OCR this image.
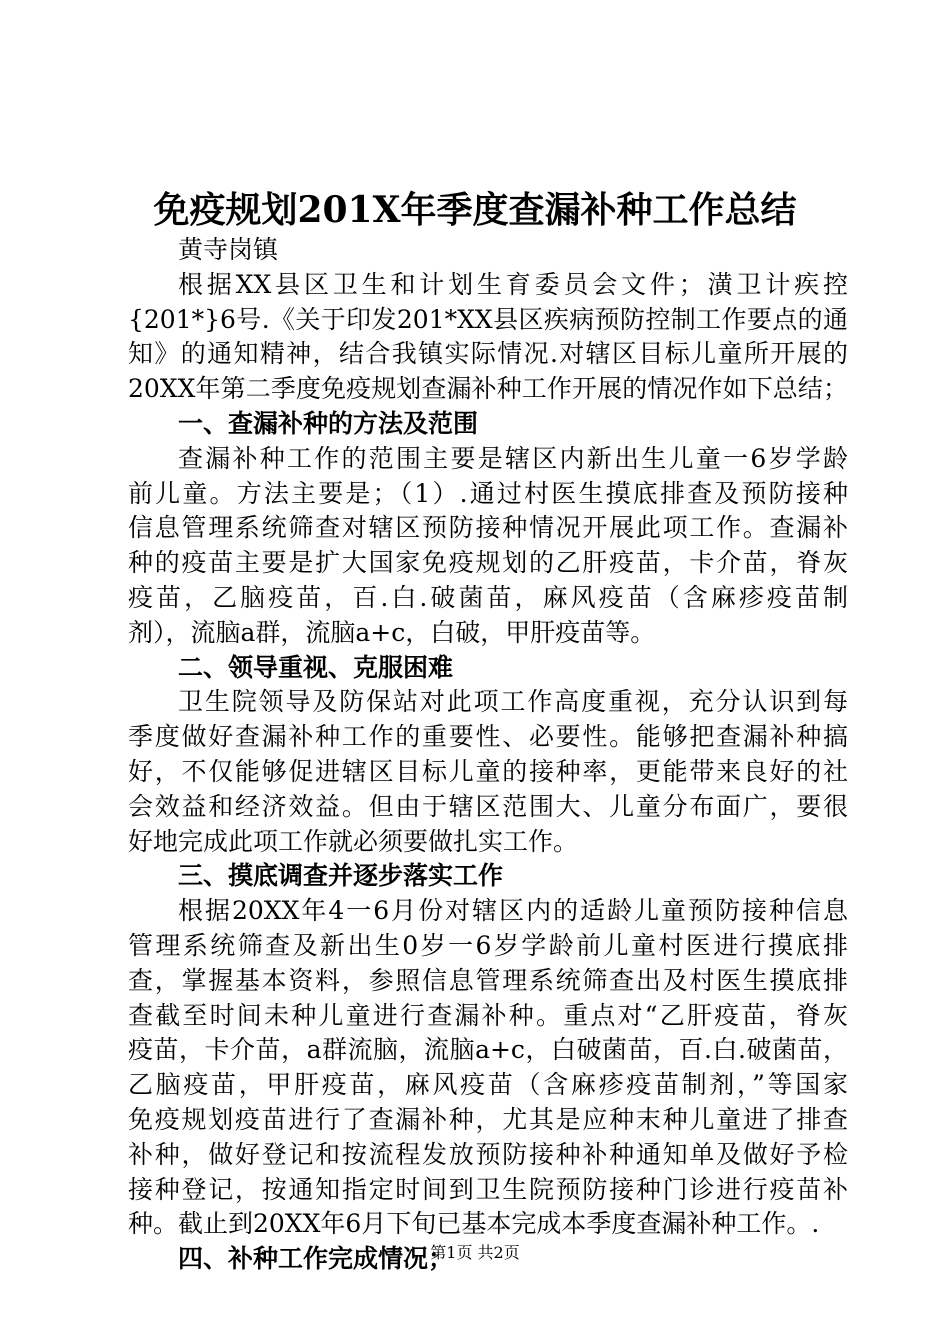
免疫规划201X年季度查漏补种工作总结
黄寺岗镇
根据XX县区卫生和计划生育委员会文件；潢卫计疾控
{201*}6号.《关于印发201*XX县区疾病预防控制工作要点的通
知》的通知精神，结合我镇实际情况.对辖区目标儿童所开展的
20XX年第二季度免疫规划查漏补种工作开展的情况作如下总结；
一、查漏补种的方法及范围
查漏补种工作的范围主要是辖区内新出生儿童一6岁学龄
前儿童。方法主要是；（1）.通过村医生摸底排查及预防接种
信息管理系统筛查对辖区预防接种情况开展此项工作。查漏补
种的疫苗主要是扩大国家免疫规划的乙肝疫苗，卡介苗，脊灰
疫苗，乙脑疫苗，百.白.破菌苗，麻风疫苗（含麻疹疫苗制
剂），流脑a群，流脑a+c，白破，甲肝疫苗等。
二、领导重视、克服困难
卫生院领导及防保站对此项工作高度重视，充分认识到每
季度做好查漏补种工作的重要性、必要性。能够把查漏补种搞
好，不仅能够促进辖区目标儿童的接种率，更能带来良好的社
会效益和经济效益。但由于辖区范围大、儿童分布面广，要很
好地完成此项工作就必须要做扎实工作。
三、摸底调查并逐步落实工作
根据20XX年4一6月份对辖区内的适龄儿童预防接种信息
管理系统筛查及新出生0岁一6岁学龄前儿童村医进行摸底排
查，掌握基本资料，参照信息管理系统筛查出及村医生摸底排
查截至时间未种儿童进行查漏补种。重点对“乙肝疫苗，脊灰
疫苗，卡介苗，a群流脑，流脑a+c，白破菌苗，百.白.破菌苗，
乙脑疫苗，甲肝疫苗，麻风疫苗（含麻疹疫苗制剂，”等国家
免疫规划疫苗进行了查漏补种，尤其是应种末种儿童进了排查
补种，做好登记和按流程发放预防接种补种通知单及做好予检
接种登记，按通知指定时间到卫生院预防接种门诊进行疫苗补
种。截止到20XX年6月下旬已基本完成本季度查漏补种工作。.
四、补种工作完成情况；
第1页 共2页
